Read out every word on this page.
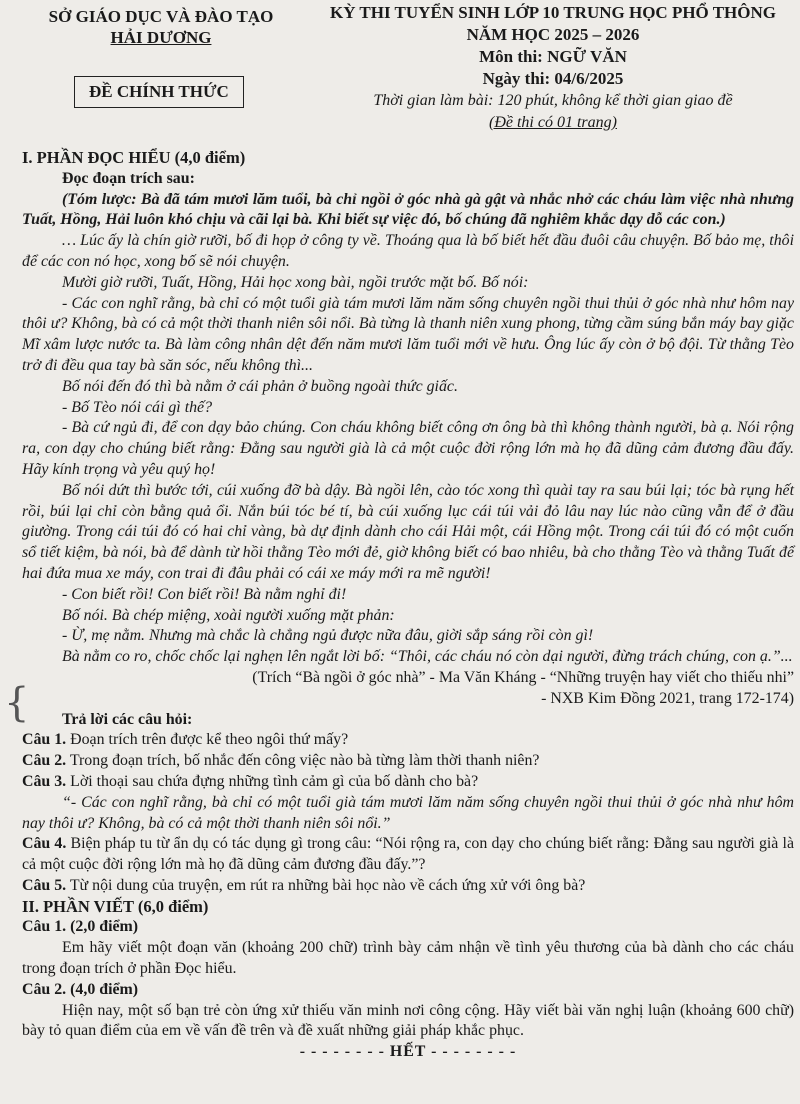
SỞ GIÁO DỤC VÀ ĐÀO TẠO
HẢI DƯƠNG
ĐỀ CHÍNH THỨC
KỲ THI TUYỂN SINH LỚP 10 TRUNG HỌC PHỔ THÔNG
NĂM HỌC 2025 – 2026
Môn thi: NGỮ VĂN
Ngày thi: 04/6/2025
Thời gian làm bài: 120 phút, không kể thời gian giao đề
(Đề thi có 01 trang)
{

I. PHẦN ĐỌC HIỂU (4,0 điểm)

Đọc đoạn trích sau:

(Tóm lược: Bà đã tám mươi lăm tuổi, bà chỉ ngồi ở góc nhà gà gật và nhắc nhở các cháu làm việc nhà nhưng Tuất, Hồng, Hải luôn khó chịu và cãi lại bà. Khi biết sự việc đó, bố chúng đã nghiêm khắc dạy dỗ các con.)

… Lúc ấy là chín giờ rưỡi, bố đi họp ở công ty về. Thoáng qua là bố biết hết đầu đuôi câu chuyện. Bố bảo mẹ, thôi để các con nó học, xong bố sẽ nói chuyện.

Mười giờ rưỡi, Tuất, Hồng, Hải học xong bài, ngồi trước mặt bố. Bố nói:

- Các con nghĩ rằng, bà chỉ có một tuổi già tám mươi lăm năm sống chuyên ngồi thui thủi ở góc nhà như hôm nay thôi ư? Không, bà có cả một thời thanh niên sôi nổi. Bà từng là thanh niên xung phong, từng cầm súng bắn máy bay giặc Mĩ xâm lược nước ta. Bà làm công nhân dệt đến năm mươi lăm tuổi mới về hưu. Ông lúc ấy còn ở bộ đội. Từ thằng Tèo trở đi đều qua tay bà săn sóc, nếu không thì...

Bố nói đến đó thì bà nằm ở cái phản ở buồng ngoài thức giấc.

- Bố Tèo nói cái gì thế?

- Bà cứ ngủ đi, để con dạy bảo chúng. Con cháu không biết công ơn ông bà thì không thành người, bà ạ. Nói rộng ra, con dạy cho chúng biết rằng: Đằng sau người già là cả một cuộc đời rộng lớn mà họ đã dũng cảm đương đầu đấy. Hãy kính trọng và yêu quý họ!

Bố nói dứt thì bước tới, cúi xuống đỡ bà dậy. Bà ngồi lên, cào tóc xong thì quài tay ra sau búi lại; tóc bà rụng hết rồi, búi lại chỉ còn bằng quả ổi. Nắn búi tóc bé tí, bà cúi xuống lục cái túi vải đỏ lâu nay lúc nào cũng vẫn để ở đầu giường. Trong cái túi đó có hai chỉ vàng, bà dự định dành cho cái Hải một, cái Hồng một. Trong cái túi đó có một cuốn sổ tiết kiệm, bà nói, bà để dành từ hồi thằng Tèo mới đẻ, giờ không biết có bao nhiêu, bà cho thằng Tèo và thằng Tuất để hai đứa mua xe máy, con trai đi đâu phải có cái xe máy mới ra mẽ người!

- Con biết rồi! Con biết rồi! Bà nằm nghỉ đi!

Bố nói. Bà chép miệng, xoài người xuống mặt phản:

- Ừ, mẹ nằm. Nhưng mà chắc là chẳng ngủ được nữa đâu, giời sắp sáng rồi còn gì!

Bà nằm co ro, chốc chốc lại nghẹn lên ngắt lời bố: “Thôi, các cháu nó còn dại người, đừng trách chúng, con ạ.”...

(Trích “Bà ngồi ở góc nhà” - Ma Văn Kháng - “Những truyện hay viết cho thiếu nhi”

- NXB Kim Đồng 2021, trang 172-174)

Trả lời các câu hỏi:

Câu 1. Đoạn trích trên được kể theo ngôi thứ mấy?

Câu 2. Trong đoạn trích, bố nhắc đến công việc nào bà từng làm thời thanh niên?

Câu 3. Lời thoại sau chứa đựng những tình cảm gì của bố dành cho bà?

“- Các con nghĩ rằng, bà chỉ có một tuổi già tám mươi lăm năm sống chuyên ngồi thui thủi ở góc nhà như hôm nay thôi ư? Không, bà có cả một thời thanh niên sôi nổi.”

Câu 4. Biện pháp tu từ ẩn dụ có tác dụng gì trong câu: “Nói rộng ra, con dạy cho chúng biết rằng: Đằng sau người già là cả một cuộc đời rộng lớn mà họ đã dũng cảm đương đầu đấy.”?

Câu 5. Từ nội dung của truyện, em rút ra những bài học nào về cách ứng xử với ông bà?

II. PHẦN VIẾT (6,0 điểm)

Câu 1. (2,0 điểm)

Em hãy viết một đoạn văn (khoảng 200 chữ) trình bày cảm nhận về tình yêu thương của bà dành cho các cháu trong đoạn trích ở phần Đọc hiểu.

Câu 2. (4,0 điểm)

Hiện nay, một số bạn trẻ còn ứng xử thiếu văn minh nơi công cộng. Hãy viết bài văn nghị luận (khoảng 600 chữ) bày tỏ quan điểm của em về vấn đề trên và đề xuất những giải pháp khắc phục.

- - - - - - - - HẾT - - - - - - - -
